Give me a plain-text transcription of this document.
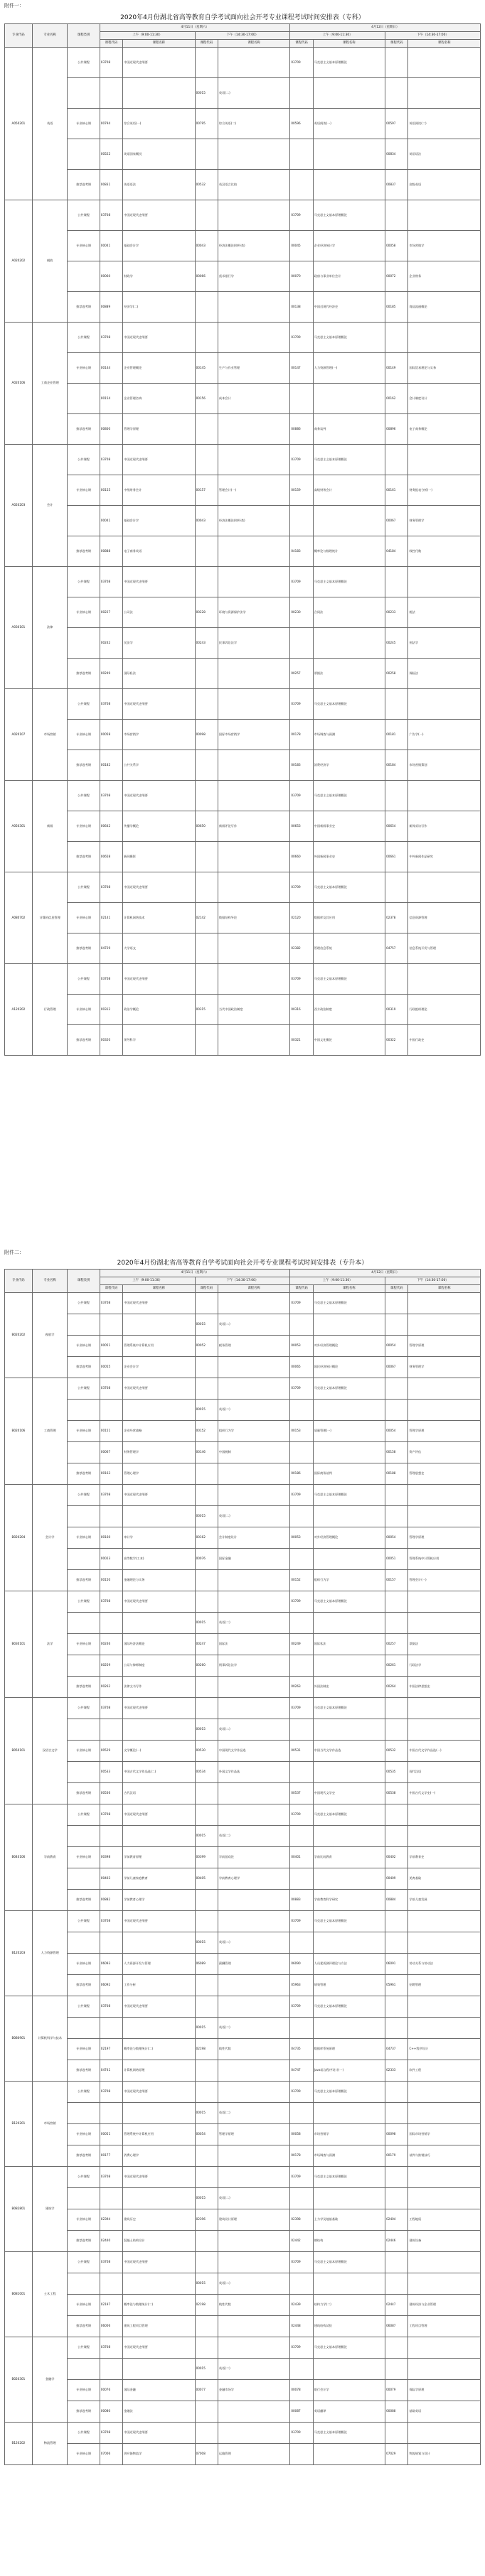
附件一：
2020年4月份湖北省高等教育自学考试面向社会开考专业课程考试时间安排表（专科）
专业代码	专业名称	课程类别	4月11日（星期六）				4月12日（星期日）			
			上午（9:00-11:30）		下午（14:30-17:00）		上午（9:00-11:30）		下午（14:30-17:00）	
			课程代码	课程名称	课程代码	课程名称	课程代码	课程名称	课程代码	课程名称
A050201	英语	公共课程	03708	中国近现代史纲要			03709	马克思主义基本原理概论		
					00015	英语(二)				
		专业核心课	00794	综合英语(一)	00795	综合英语(二)	00596	英语阅读(一)	00597	英语阅读(二)
			00522	英语国家概况					00834	英语语法
		推荐选考课	00831	英语语法	00532	英汉语言比较			00837	高级英语
A020202	税收	公共课程	03708	中国近现代史纲要			03709	马克思主义基本原理概论		
		专业核心课	00041	基础会计学	00043	经济法概论(财经类)	00045	企业经济统计学	00058	市场营销学
			00060	财政学	00066	货币银行学	00070	政府与事业单位会计	00072	企业财务
		推荐选考课	00889	经济学(二)			00138	中国近现代经济史	00185	商品流通概论
A020106	工商企业管理	公共课程	03708	中国近现代史纲要			03709	马克思主义基本原理概论		
		专业核心课	00144	企业管理概论	00145	生产与作业管理	00147	人力资源管理(一)	00149	国际贸易理论与实务
			00154	企业管理咨询	00156	成本会计			00162	会计制度设计
		推荐选考课	00800	管理学原理			00886	商务谈判	00896	电子商务概论
A020203	会计	公共课程	03708	中国近现代史纲要			03709	马克思主义基本原理概论		
		专业核心课	00155	中级财务会计	00157	管理会计(一)	00159	高级财务会计	00161	财务报表分析(一)
			00041	基础会计学	00043	经济法概论(财经类)			00067	财务管理学
		推荐选考课	00888	电子商务英语			04183	概率论与数理统计	04184	线性代数
A030101	法律	公共课程	03708	中国近现代史纲要			03709	马克思主义基本原理概论		
		专业核心课	00227	公司法	00228	环境与资源保护法学	00230	合同法	00233	税法
			00242	民法学	00243	民事诉讼法学			00245	刑法学
		推荐选考课	00249	国际私法			00257	票据法	00258	保险法
A020107	市场营销	公共课程	03708	中国近现代史纲要			03709	马克思主义基本原理概论		
		专业核心课	00058	市场营销学	00098	国际市场营销学	00178	市场调查与预测	00181	广告学(一)
		推荐选考课	00182	公共关系学			00183	消费经济学	00184	市场营销策划
A050301	新闻	公共课程	03708	中国近现代史纲要			03709	马克思主义基本原理概论		
		专业核心课	00642	传播学概论	00650	新闻评论写作	00653	中国新闻事业史	00654	新闻采访写作
		推荐选考课	00658	新闻摄影			00660	外国新闻事业史	00661	中外新闻作品研究
A080702	计算机信息管理	公共课程	03708	中国近现代史纲要			03709	马克思主义基本原理概论		
		专业核心课	02141	计算机网络技术	02142	数据结构导论	02120	数据库及其应用	02378	信息资源管理
		推荐选考课	04729	大学语文			02382	管理信息系统	04757	信息系统开发与管理
A120202	行政管理	公共课程	03708	中国近现代史纲要			03709	马克思主义基本原理概论		
		专业核心课	00312	政治学概论	00315	当代中国政治制度	00316	西方政治制度	00319	行政组织理论
		推荐选考课	00320	领导科学			00321	中国文化概论	00322	中国行政史
附件二：
2020年4月份湖北省高等教育自学考试面向社会开考专业课程考试时间安排表（专升本）
专业代码	专业名称	课程类别	4月11日（星期六）				4月12日（星期日）			
			上午（9:00-11:30）		下午（14:30-17:00）		上午（9:00-11:30）		下午（14:30-17:00）	
			课程代码	课程名称	课程代码	课程名称	课程代码	课程名称	课程代码	课程名称
B020202	税收学	公共课程	03708	中国近现代史纲要			03709	马克思主义基本原理概论		
					00015	英语(二)				
		专业核心课	00051	管理系统中计算机应用	00052	税务管理	00053	对外经济管理概论	00054	管理学原理
		推荐选考课	00055	企业会计学			00065	国民经济统计概论	00067	财务管理学
B020106	工商管理	公共课程	03708	中国近现代史纲要			03709	马克思主义基本原理概论		
					00015	英语(二)				
		专业核心课	00151	企业经营战略	00152	组织行为学	00153	质量管理(一)	00054	管理学原理
			00067	财务管理学	00146	中国税制			00158	资产评估
		推荐选考课	00163	管理心理学			00186	国际商务谈判	00188	管理思想史
B020204	会计学	公共课程	03708	中国近现代史纲要			03709	马克思主义基本原理概论		
					00015	英语(二)				
		专业核心课	00160	审计学	00162	会计制度设计	00053	对外经济管理概论	00054	管理学原理
			00023	高等数学(工本)	00076	国际金融			00051	管理系统中计算机应用
		推荐选考课	00150	金融理论与实务			00152	组织行为学	00157	管理会计(一)
B030101	法学	公共课程	03708	中国近现代史纲要			03709	马克思主义基本原理概论		
					00015	英语(二)				
		专业核心课	00246	国际经济法概论	00247	国际法	00249	国际私法	00257	票据法
			00259	公证与律师制度	00260	刑事诉讼法学			00261	行政法学
		推荐选考课	00262	法律文书写作			00263	外国法制史	00264	中国法律思想史
B050101	汉语言文学	公共课程	03708	中国近现代史纲要			03709	马克思主义基本原理概论		
					00015	英语(二)				
		专业核心课	00529	文学概论(一)	00530	中国现代文学作品选	00531	中国当代文学作品选	00532	中国古代文学作品选(一)
			00533	中国古代文学作品选(二)	00534	外国文学作品选			00535	现代汉语
		推荐选考课	00536	古代汉语			00537	中国现代文学史	00538	中国古代文学史(一)
B040106	学前教育	公共课程	03708	中国近现代史纲要			03709	马克思主义基本原理概论		
					00015	英语(二)				
		专业核心课	00398	学前教育原理	00399	学前游戏论	00401	学前比较教育	00402	学前教育史
			00403	学前儿童家庭教育	00405	学前教育心理学			00409	美育基础
		推荐选考课	00882	学前教育心理学			00883	学前教育科学研究	00884	学前儿童发展
B120203	人力资源管理	公共课程	03708	中国近现代史纲要			03709	马克思主义基本原理概论		
					00015	英语(二)				
		专业核心课	06093	人力资源开发与管理	06089	薪酬管理	06090	人员素质测评理论与方法	06091	劳动关系与劳动法
		推荐选考课	06092	工作分析			05963	绩效管理	05961	招聘管理
B080901	计算机科学与技术	公共课程	03708	中国近现代史纲要			03709	马克思主义基本原理概论		
					00015	英语(二)				
		专业核心课	02197	概率论与数理统计(二)	02198	线性代数	04735	数据库系统原理	04737	C++程序设计
		推荐选考课	04741	计算机网络原理			04747	Java语言程序设计(一)	02333	软件工程
B120201	市场营销	公共课程	03708	中国近现代史纲要			03709	马克思主义基本原理概论		
					00015	英语(二)				
		专业核心课	00051	管理系统中计算机应用	00054	管理学原理	00058	市场营销学	00098	国际市场营销学
		推荐选考课	00177	消费心理学			00178	市场调查与预测	00179	谈判与推销技巧
B082801	建筑学	公共课程	03708	中国近现代史纲要			03709	马克思主义基本原理概论		
					00015	英语(二)				
		专业核心课	02394	建筑历史	02396	建筑设计原理	02398	土力学及地基基础	02404	工程地质
		推荐选考课	02440	混凝土结构设计			02442	钢结构	02446	建筑设备
B081001	土木工程	公共课程	03708	中国近现代史纲要			03709	马克思主义基本原理概论		
					00015	英语(二)				
		专业核心课	02197	概率论与数理统计(二)	02198	线性代数	02439	结构力学(二)	02447	建筑经济与企业管理
		推荐选考课	06006	建筑工程项目管理			02448	建筑结构试验	06087	工程项目管理
B020301	金融学	公共课程	03708	中国近现代史纲要			03709	马克思主义基本原理概论		
					00015	英语(二)				
		专业核心课	00076	国际金融	00077	金融市场学	00078	银行会计学	00079	保险学原理
		推荐选考课	00080	金融法			00087	英语翻译	00088	基础英语
B120202	物流管理	公共课程	03708	中国近现代史纲要			03709	马克思主义基本原理概论		
		专业核心课	07006	供应链物流学	07008	运输管理			07029	物流规划与设计
